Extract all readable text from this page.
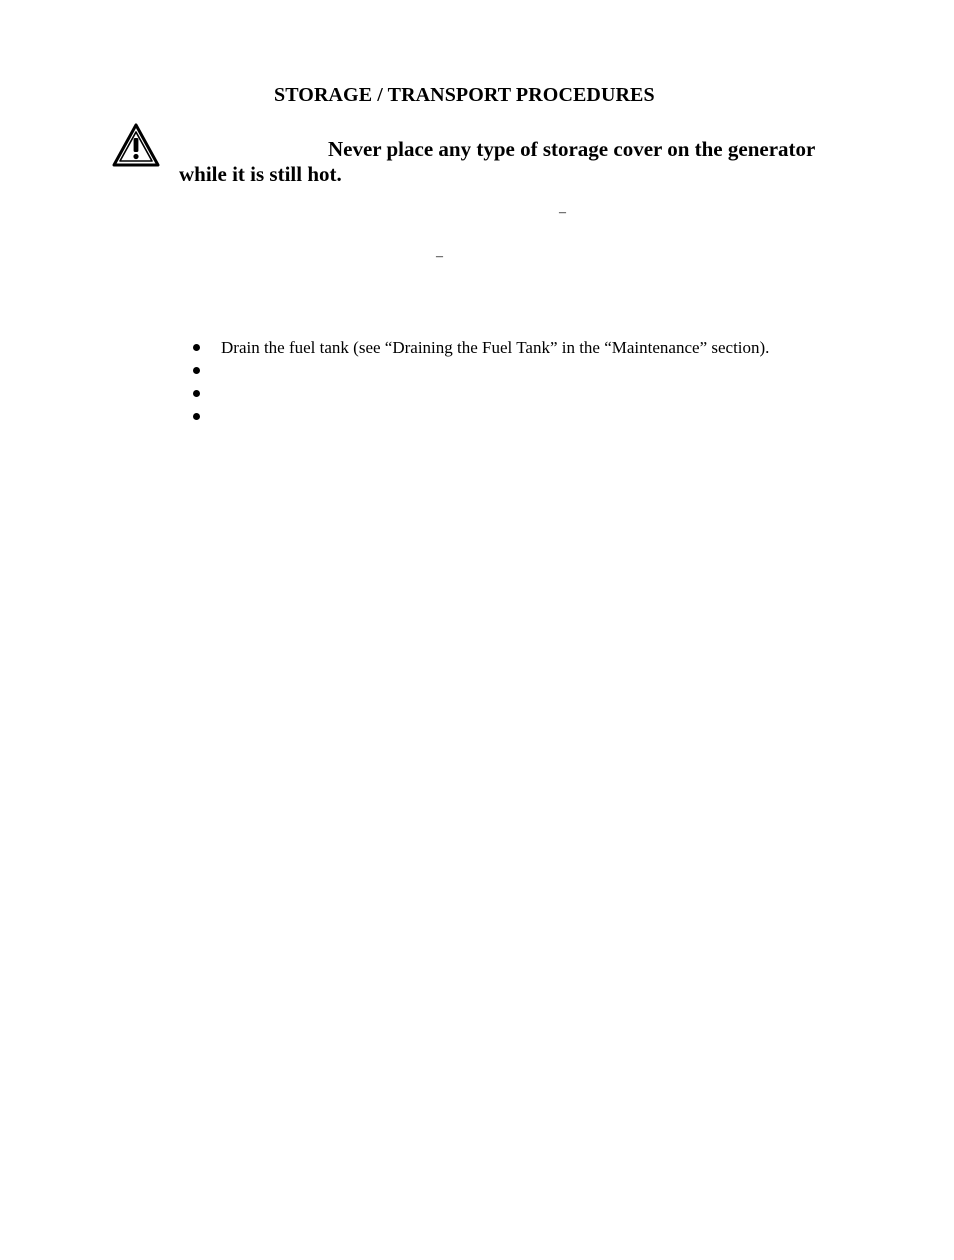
STORAGE / TRANSPORT PROCEDURES
Never place any type of storage cover on the generator
while it is still hot.
–
–
Drain the fuel tank (see “Draining the Fuel Tank” in the “Maintenance” section).
